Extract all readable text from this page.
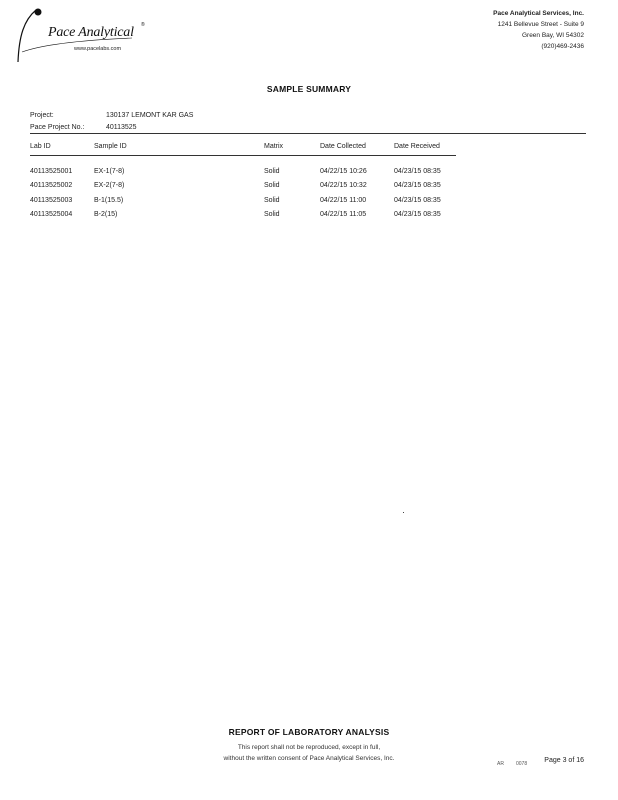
Pace Analytical ®
www.pacelabs.com
Pace Analytical Services, Inc.
1241 Bellevue Street - Suite 9
Green Bay, WI 54302
(920)469-2436
SAMPLE SUMMARY
Project:	130137 LEMONT KAR GAS
Pace Project No.:	40113525
Lab ID	Sample ID	Matrix	Date Collected	Date Received
40113525001	EX-1(7-8)	Solid	04/22/15 10:26	04/23/15 08:35
40113525002	EX-2(7-8)	Solid	04/22/15 10:32	04/23/15 08:35
40113525003	B-1(15.5)	Solid	04/22/15 11:00	04/23/15 08:35
40113525004	B-2(15)	Solid	04/22/15 11:05	04/23/15 08:35
REPORT OF LABORATORY ANALYSIS
This report shall not be reproduced, except in full,
without the written consent of Pace Analytical Services, Inc.
AR 0078 Page 3 of 16
